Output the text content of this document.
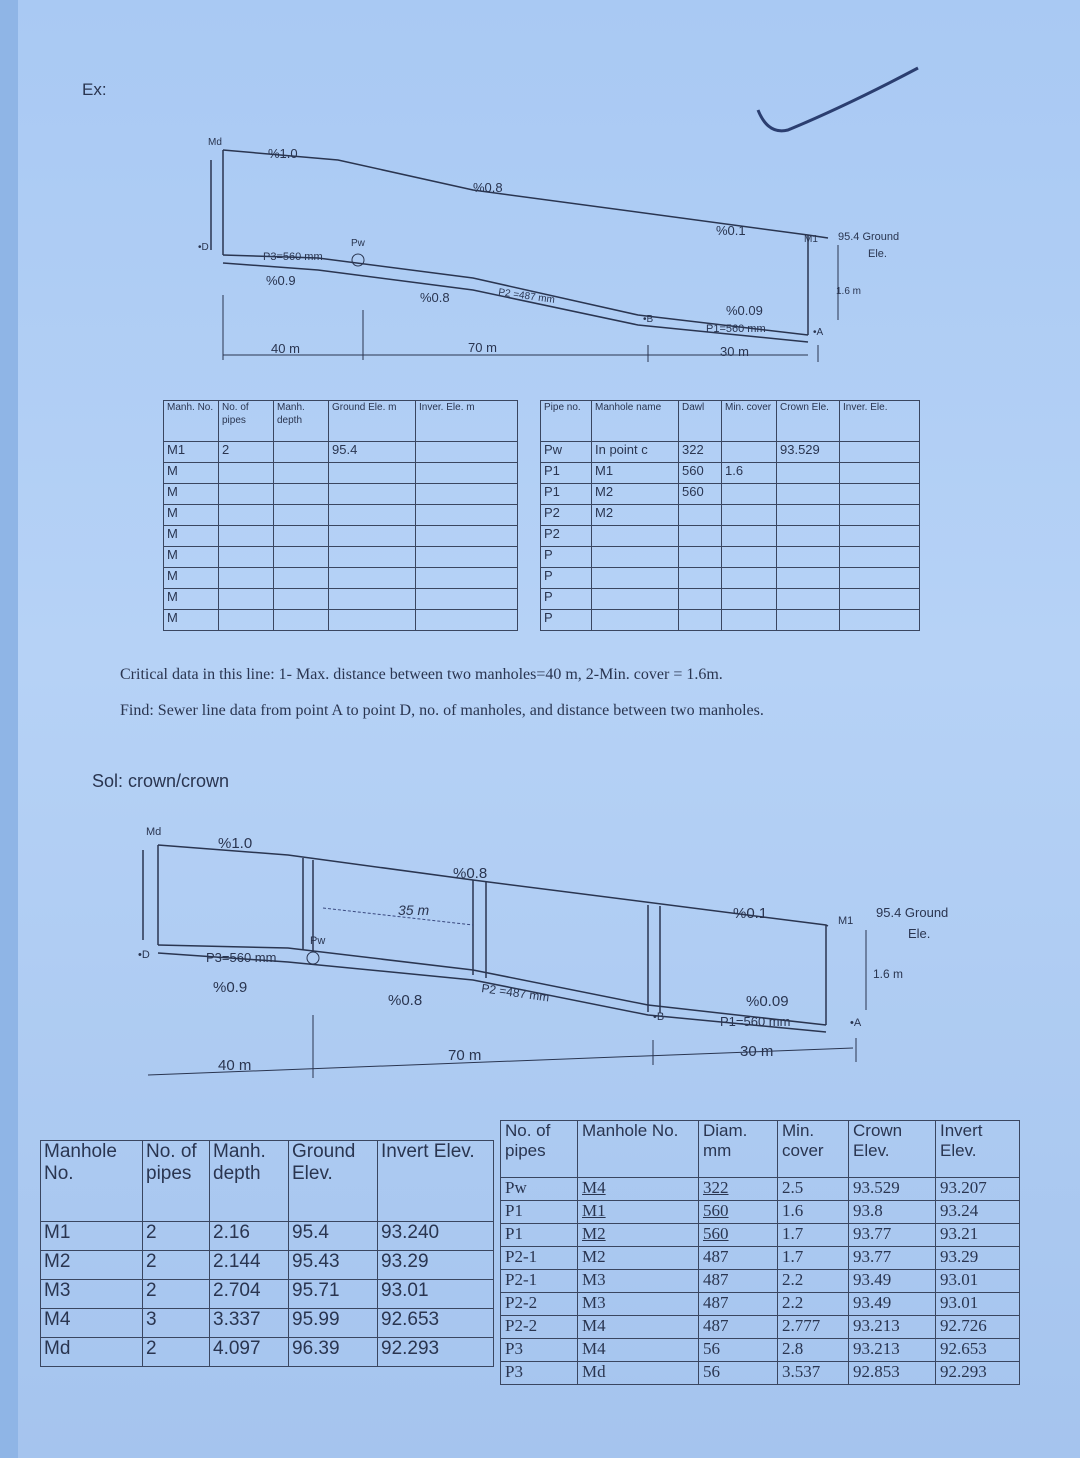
Ex:
Md
%1.0
%0.8
%0.1
M1 95.4 Ground
Ele.
•D
P3=560 mm
Pw
%0.9
%0.8	P2 =487 mm
•B
%0.09
P1=560 mm	•A
1.6 m
40 m	70 m	30 m
Manh. No.	No. of pipes	Manh. depth	Ground Ele. m	Inver. Ele. m
M1	2		95.4	
M				
M				
M				
M				
M				
M				
M				
M				
Pipe no.	Manhole name	Dawl	Min. cover	Crown Ele.	Inver. Ele.
Pw	In point c	322		93.529	
P1	M1	560	1.6		
P1	M2	560			
P2	M2				
P2					
P					
P					
P					
P					
Critical data in this line: 1- Max. distance between two manholes=40 m, 2-Min. cover = 1.6m.
Find: Sewer line data from point A to point D, no. of manholes, and distance between two manholes.
Sol: crown/crown
Md
%1.0
%0.8
%0.1	M1
95.4 Ground
Ele.
•D	P3=560 mm
Pw
%0.9
%0.8	P2 =487 mm
•B
%0.09
P1=560 mm	•A
1.6 m
40 m
70 m	30 m
35 m
Manhole No.	No. of pipes	Manh. depth	Ground Elev.	Invert Elev.
M1	2	2.16	95.4	93.240
M2	2	2.144	95.43	93.29
M3	2	2.704	95.71	93.01
M4	3	3.337	95.99	92.653
Md	2	4.097	96.39	92.293
No. of pipes	Manhole No.	Diam. mm	Min. cover	Crown Elev.	Invert Elev.
Pw	M4	322	2.5	93.529	93.207
P1	M1	560	1.6	93.8	93.24
P1	M2	560	1.7	93.77	93.21
P2-1	M2	487	1.7	93.77	93.29
P2-1	M3	487	2.2	93.49	93.01
P2-2	M3	487	2.2	93.49	93.01
P2-2	M4	487	2.777	93.213	92.726
P3	M4	56	2.8	93.213	92.653
P3	Md	56	3.537	92.853	92.293
